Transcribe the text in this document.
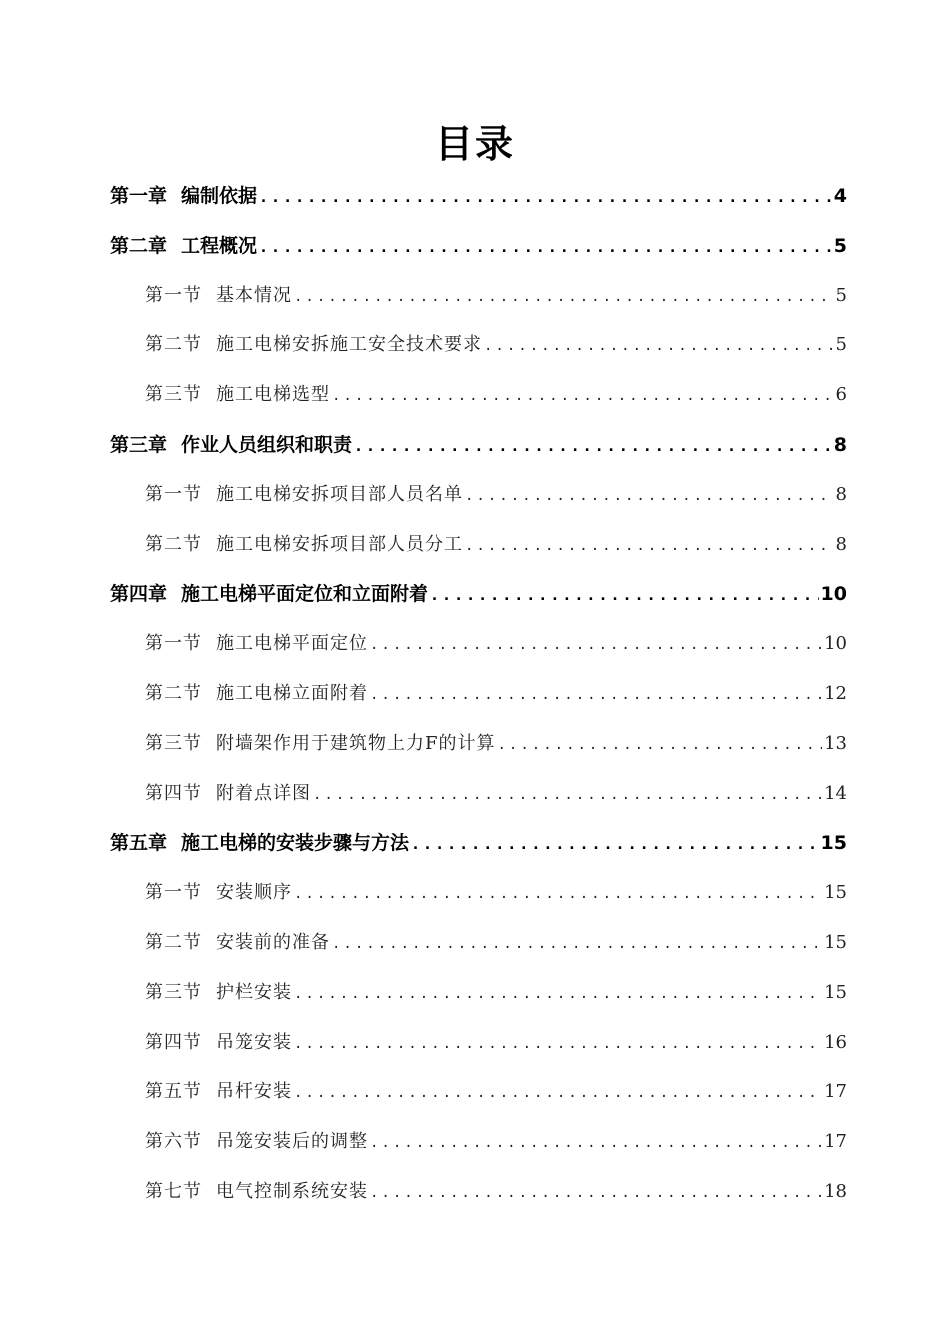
目录
第一章 编制依据 .....	4
第二章 工程概况 .....	5
第一节 基本情况 .....	5
第二节 施工电梯安拆施工安全技术要求 .....	5
第三节 施工电梯选型 .....	6
第三章 作业人员组织和职责 .....	8
第一节 施工电梯安拆项目部人员名单 .....	8
第二节 施工电梯安拆项目部人员分工 .....	8
第四章 施工电梯平面定位和立面附着 .....	10
第一节 施工电梯平面定位 .....	10
第二节 施工电梯立面附着 .....	12
第三节 附墙架作用于建筑物上力F的计算 .....	13
第四节 附着点详图 .....	14
第五章 施工电梯的安装步骤与方法 .....	15
第一节 安装顺序 .....	15
第二节 安装前的准备 .....	15
第三节 护栏安装 .....	15
第四节 吊笼安装 .....	16
第五节 吊杆安装 .....	17
第六节 吊笼安装后的调整 .....	17
第七节 电气控制系统安装 .....	18
